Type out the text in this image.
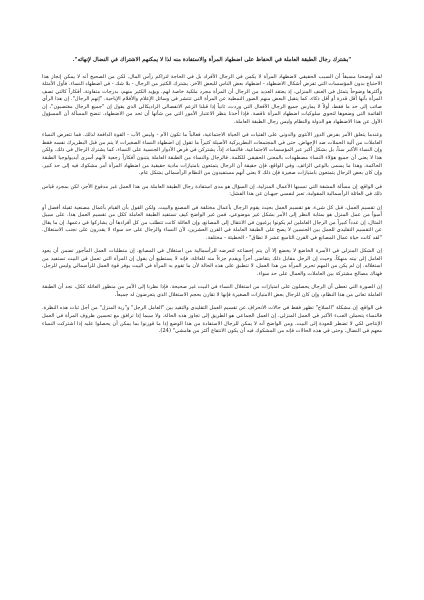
"بشترك رجال الطبقة العاملة في الحفاظ على اضطهاد المرأة والاستفادة منه لذا لا يمكنهم الاشتراك في النضال لإنهائه".

لقد أوضحنا مسبقاً أن السبب الحقيقي لاضطهاد المرأة لا يكمن في الرجال الأفراد بل في الحاجة لتراكم رأس المال. لكن من الصحيح أنه لا يمكن إنجاز هذا الاحتياج بدون المؤسسات التي تفرض أشكال الاضطهاد - اضطهاد بعض الناس للبعض الآخر. يشترك الكثير من الرجال - بلا شك - في اضطهاد النساء. فأول الأمثلة وأكثرها وضوحاً يتمثل في العنف المنزلي. إذ يعتقد العديد من الرجال أن المرأة مجرد ملكية خاصة لهم. ويؤيد الكثير منهم، بدرجات متفاوتة، أفكاراً كالتي تصف المرأة بأنها أقل قدرة أو أقل ذكاء، كما يتقبل البعض منهم الصور النمطية عن المرأة التي تنتشر في وسائل الإعلام والأفلام الإباحية. "إنهم الرجال". إن هذا الرأي صائب إلى حد ما فقط، أولاً لا يمارس جميع الرجال الأفعال التي وردت، ثانياً إذا قبلنا الزعم الانفصالي الراديكالي الذي يقول إن "جميع الرجال مغتصبون"، إن القائمة التي وضعوها لتحوي سلوكيات اضطهاد المرأة ناقصة. فإذا أخذنا بنظر الاعتبار الأمور التي من شأنها أن تحد من الاضطهاد. تنضح المسألة أن المسؤول الأول عن هذا الاضطهاد هو الدولة والنظام وليس رجال الطبقة العاملة.

وعندما يتعلق الأمر بفرض الدور الأنثوي والدوني على الفتيات في الحياة الاجتماعية، فغالباً ما تكون الأم - وليس الأب - القوة الدافعة لذلك. فما تتعرض النساء العاملات من آلية الحملات ضد الإجهاض. حتى في المجتمعات البطريركية الأصيلة كثيراً ما تقول إن اضطهاد النساء الصغيرات لا يتم من قبل البطريرك نفسه فقط وإن النساء الأكبر سناً، بل بشكل أكبر عبر المؤسسات الاجتماعية. فالنساء، إذاً، يشتركن في فرض الأدوار الجنسية على النساء، كما يشترك الرجال في ذلك. ولكن هذا لا يعني أن جميع هؤلاء النساء مضطهِدات بالمعنى الحقيقي للكلمة. فالرجال والنساء من الطبقة العاملة يتبنون أفكاراً رجعية لأنهم أسرى أيديولوجيا الطبقة الحاكمة، وهذا ما يسمى بالوعي الزائف. وفي الواقع، فإن حقيقة أن الرجال يتمتعون بامتيازات مادية حقيقية من اضطهاد المرأة أمر مشكوك فيه إلى حد كبير. وإن كان بعض الرجال يتمتعون بامتيازات صغيرة فإن ذلك لا يعني أنهم مستفيدون من النظام الرأسمالي بشكل عام.

في الواقع، إن مسألة المشقة التي تسببها الأعمال المنزلية. إن السؤال هو مدى استفادة رجال الطبقة العاملة من هذا العمل غير مدفوع الأجر، لكن بمجرد قياس ذلك في العائلة الرأسمالية المقولبة، تعبر لنفسي جيهـان عن هذا الفشل:

إن تقسيم العمل، قبل كل شيء، هو تقسيم العمل بحيث يقوم الرجال بأعمال مختلفة في المصنع والبيت. ولكن القول بأن القيام بأعمال مصنعية ثقيلة أفضل أو أسوأ من عمل المنزل هو بمثابة النظر إلى الأمر بشكل غير موضوعي. فمن غير الواضح كيف تستفيد الطبقة العاملة ككل من تقسيم العمل هذا. على سبيل المثال، إن عدداً كبيراً من الرجال العاملين لم يكونوا يرغبون في الانتقال إلى المصانع، وإن العائلة كانت تتطلب من كل أفرادها أن يشاركوا في دعمها. إن ما يقال عن التقسيم التقليدي للعمل بين الجنسين لا يصح على الطبقة العاملة في القرن العشرين، لأن النساء والرجال على حد سواء لا يقدرون على تجنب الاستغلال. "لقد كانت حياة عمال المصانع في القرن التاسع عشر لا تطاق" - الخطيئة - مختلفة.

إن الشكل المنزلي في الأسرة الخاضع لا يخضع إلا أن يتم إخضاعه لتعرضه للرأسمالية من استغلال في المصانع. إن متطلبات العمل المأجور تضمن أن يعود العامل إلى بيته منهكاً. وحيث إن الرجل مقابل ذلك يتقاضى أجراً ويقدم جزءاً منه للعائلة، فإنه لا يستطيع أن يقول إن المرأة التي تعمل في البيت تستفيد من استغلاله. إن لم يكن من المهم تحرير المرأة من هذا العمل، لا تنطبق على هذه الحالة لأن ما تقوم به المرأة في البيت يوفر قوة العمل للرأسمالي وليس للرجل، فهناك مصالح مشتركة بين العاملات والعمال على حد سواء.

إن الصورة التي تعطي أن الرجال يحصلون على امتيازات من استغلال النساء في البيت غير صحيحة. فإذا نظرنا إلى الأمر من منظور العائلة ككل، نجد أن الطبقة العاملة تعاني من هذا النظام، وإن كان للرجال بعض الامتيازات الصغيرة فإنها لا تقارن بحجم الاستغلال الذي يتعرضون له جميعاً.

في الواقع، إن مشكلة "السلاح" تظهر فقط في حالات الانحراف عن تقسيم العمل التقليدي والتقيد بين "العامل الرجل" و"ربة المنزل" من أجل ثبات هذه النظرة. فالنساء يتحملن العبء الأكبر في العمل المنزلي. إن العمل الجماعي هو الطريق إلى تجاوز هذه الحالة. ولا سيما إذا ترافق مع تحسين ظروف المرأة في العمل الإنتاجي لكي لا تضطر للعودة إلى البيت. ومن الواضح أنه لا يمكن للرجال الاستفادة من هذا الوضع إذا ما قورنوا بما يمكن أن يحصلوا عليه إذا اشتركت النساء معهم في النضال. وحتى في هذه الحالات فإنه من المشكوك فيه أن يكون الانتفاع أكثر من هامشي" (24).
